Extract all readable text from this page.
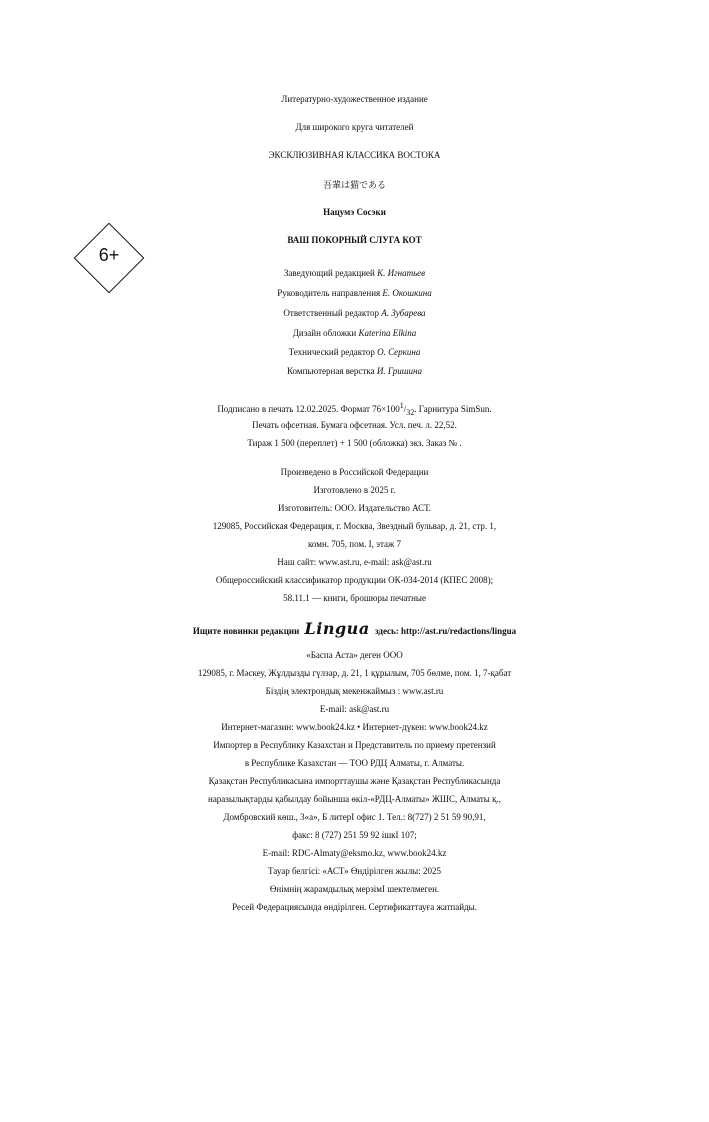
Литературно-художественное издание
Для широкого круга читателей
ЭКСКЛЮЗИВНАЯ КЛАССИКА ВОСТОКА
吾輩は猫である
Нацумэ Сосэки
ВАШ ПОКОРНЫЙ СЛУГА КОТ
6+
Заведующий редакцией К. Игнатьев
Руководитель направления Е. Окошкина
Ответственный редактор А. Зубарева
Дизайн обложки Katerina Elkina
Технический редактор О. Серкина
Компьютерная верстка И. Гришина
Подписано в печать 12.02.2025. Формат $76\times 100^1/_{32}$. Гарнитура SimSun.
Печать офсетная. Бумага офсетная. Усл. печ. л. 22,52.
Тираж 1 500 (переплет) + 1 500 (обложка) экз. Заказ № .
Произведено в Российской Федерации
Изготовлено в 2025 г.
Изготовитель: ООО. Издательство АСТ.
129085, Российская Федерация, г. Москва, Звездный бульвар, д. 21, стр. 1,
комн. 705, пом. I, этаж 7
Наш сайт: www.ast.ru, e-mail: ask@ast.ru
Общероссийский классификатор продукции ОК-034-2014 (КПЕС 2008);
58.11.1 — книги, брошюры печатные
Ищите новинки редакции Lingua здесь: http://ast.ru/redactions/lingua
«Баспа Аста» деген ООО
129085, г. Мәскеу, Жұлдызды гүлзар, д. 21, 1 құрылым, 705 бөлме, пом. 1, 7-қабат
Біздің электрондық мекенжаймыз : www.ast.ru
E-mail: ask@ast.ru
Интернет-магазин: www.book24.kz • Интернет-дүкен: www.book24.kz
Импортер в Республику Казахстан и Представитель по приему претензий
в Республике Казахстан — ТОО РДЦ Алматы, г. Алматы.
Қазақстан Республикасына импорттаушы және Қазақстан Республикасында
наразылықтарды қабылдау бойынша өкіл-«РДЦ-Алматы» ЖШС, Алматы қ.,
Домбровский көш., 3«а», Б литерІ офис 1. Тел.: 8(727) 2 51 59 90,91,
факс: 8 (727) 251 59 92 ішкІ 107;
E-mail: RDC-Almaty@eksmo.kz, www.book24.kz
Тауар белгісі: «АСТ» Өндірілген жылы: 2025
Өнімнің жарамдылық мерзімІ шектелмеген.
Ресей Федерациясында өндірілген. Сертификаттауға жатпайды.
